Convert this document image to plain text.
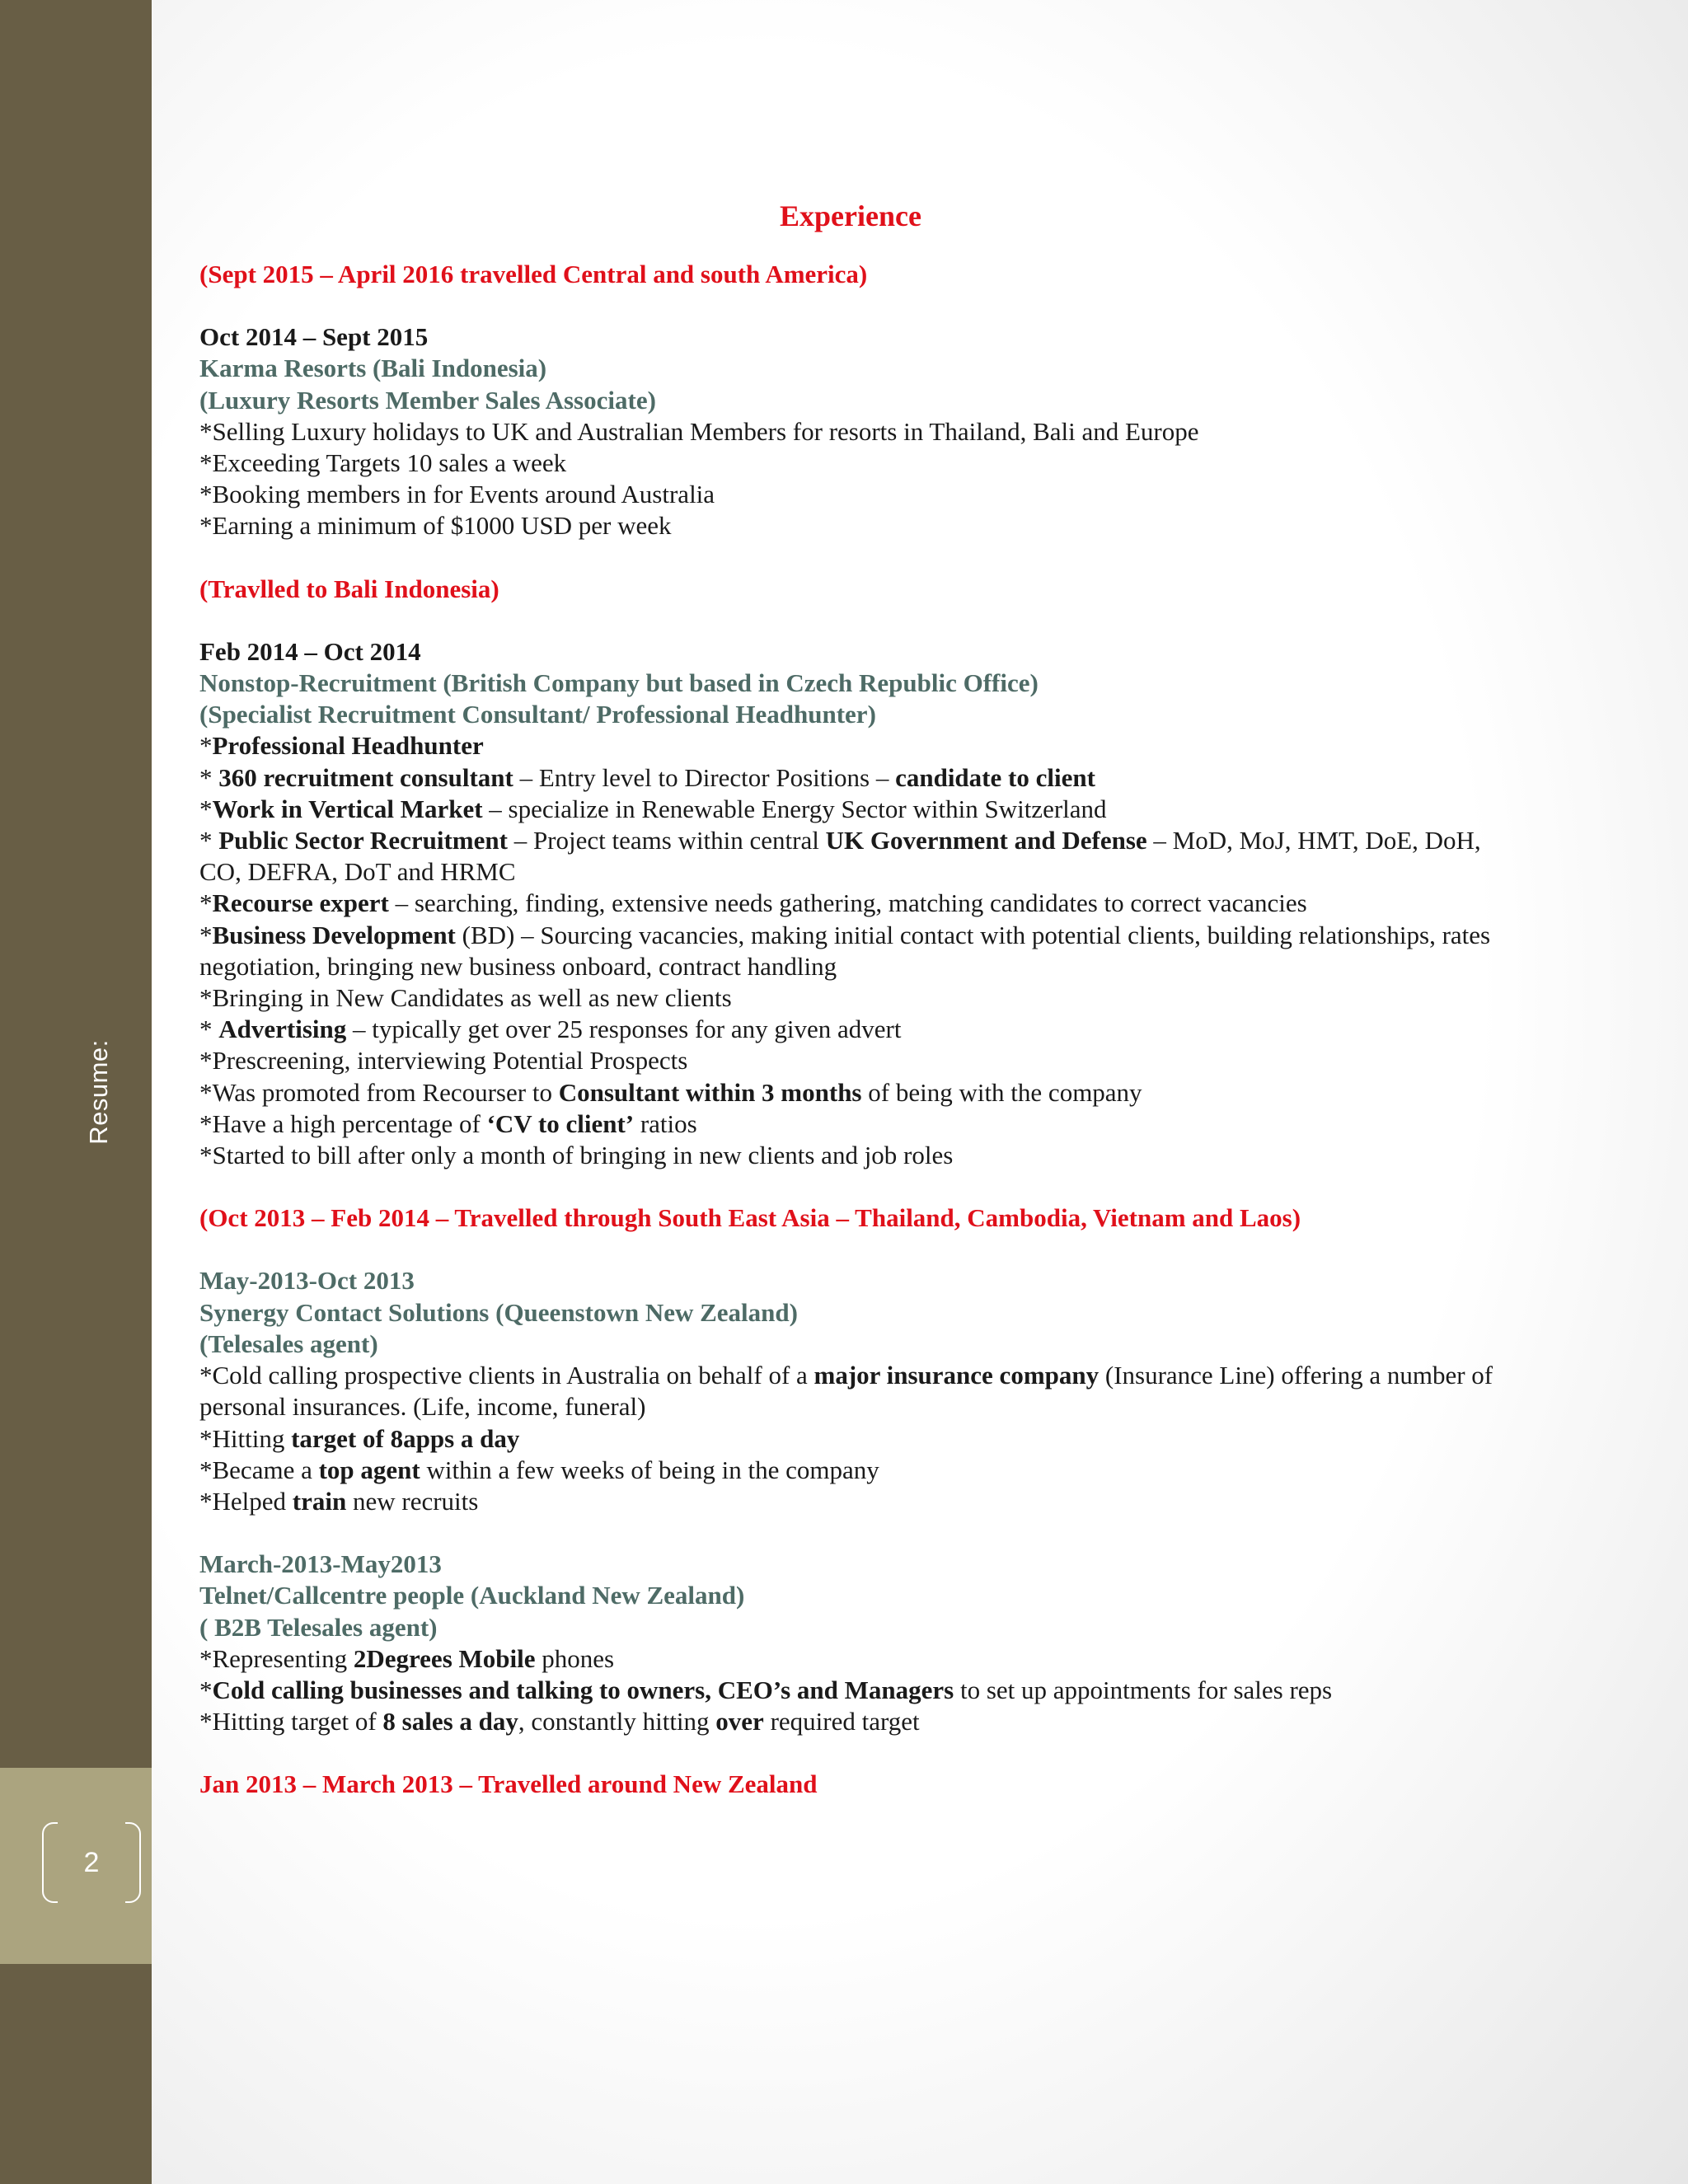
Resume:
2
Experience
(Sept 2015 – April 2016 travelled Central and south America)
Oct 2014 – Sept 2015
Karma Resorts (Bali Indonesia)
(Luxury Resorts Member Sales Associate)
*Selling Luxury holidays to UK and Australian Members for resorts in Thailand, Bali and Europe
*Exceeding Targets 10 sales a week
*Booking members in for Events around Australia
*Earning a minimum of $1000 USD per week
(Travlled to Bali Indonesia)
Feb 2014 – Oct 2014
Nonstop-Recruitment (British Company but based in Czech Republic Office)
(Specialist Recruitment Consultant/ Professional Headhunter)
*Professional Headhunter
* 360 recruitment consultant – Entry level to Director Positions – candidate to client
*Work in Vertical Market – specialize in Renewable Energy Sector within Switzerland
* Public Sector Recruitment – Project teams within central UK Government and Defense – MoD, MoJ, HMT, DoE, DoH, CO, DEFRA, DoT and HRMC
*Recourse expert – searching, finding, extensive needs gathering, matching candidates to correct vacancies
*Business Development (BD) – Sourcing vacancies, making initial contact with potential clients, building relationships, rates negotiation, bringing new business onboard, contract handling
*Bringing in New Candidates as well as new clients
* Advertising – typically get over 25 responses for any given advert
*Prescreening, interviewing Potential Prospects
*Was promoted from Recourser to Consultant within 3 months of being with the company
*Have a high percentage of ‘CV to client’ ratios
*Started to bill after only a month of bringing in new clients and job roles
(Oct 2013 – Feb 2014 – Travelled through South East Asia – Thailand, Cambodia, Vietnam and Laos)
May-2013-Oct 2013
Synergy Contact Solutions (Queenstown New Zealand)
(Telesales agent)
*Cold calling prospective clients in Australia on behalf of a major insurance company (Insurance Line) offering a number of personal insurances. (Life, income, funeral)
*Hitting target of 8apps a day
*Became a top agent within a few weeks of being in the company
*Helped train new recruits
March-2013-May2013
Telnet/Callcentre people (Auckland New Zealand)
( B2B Telesales agent)
*Representing 2Degrees Mobile phones
*Cold calling businesses and talking to owners, CEO’s and Managers to set up appointments for sales reps
*Hitting target of 8 sales a day, constantly hitting over required target
Jan 2013 – March 2013 – Travelled around New Zealand
